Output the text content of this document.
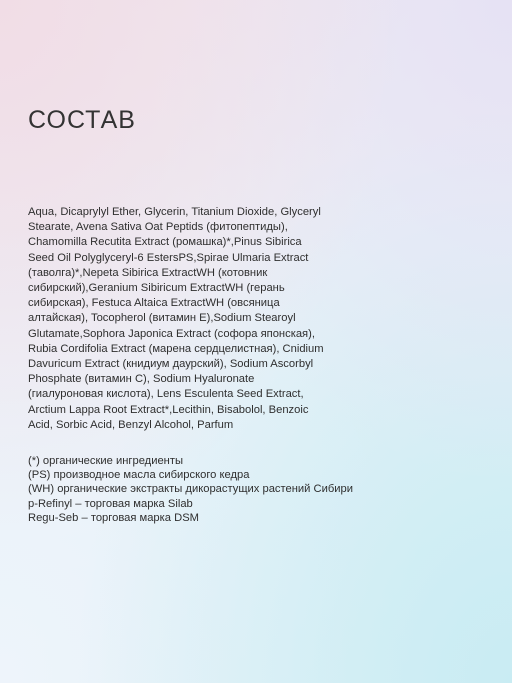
СОСТАВ

Aqua, Dicaprylyl Ether, Glycerin, Titanium Dioxide, Glyceryl Stearate, Avena Sativa Oat Peptids (фитопептиды), Chamomilla Recutita Extract (ромашка)*,Pinus Sibirica Seed Oil Polyglyceryl-6 EstersPS,Spirae Ulmaria Extract (таволга)*,Nepeta Sibirica ExtractWH (котовник сибирский),Geranium Sibiricum ExtractWH (герань сибирская), Festuca Altaica ExtractWH (овсяница алтайская), Tocopherol (витамин E),Sodium Stearoyl Glutamate,Sophora Japonica Extract (софора японская), Rubia Cordifolia Extract (марена сердцелистная), Cnidium Davuricum Extract (книдиум даурский), Sodium Ascorbyl Phosphate (витамин C), Sodium Hyaluronate (гиалуроновая кислота), Lens Esculenta Seed Extract, Arctium Lappa Root Extract*,Lecithin, Bisabolol, Benzoic Acid, Sorbic Acid, Benzyl Alcohol, Parfum

(*) органические ингредиенты
(PS) производное масла сибирского кедра
(WH) органические экстракты дикорастущих растений Сибири
p-Refinyl – торговая марка Silab
Regu-Seb – торговая марка DSM
